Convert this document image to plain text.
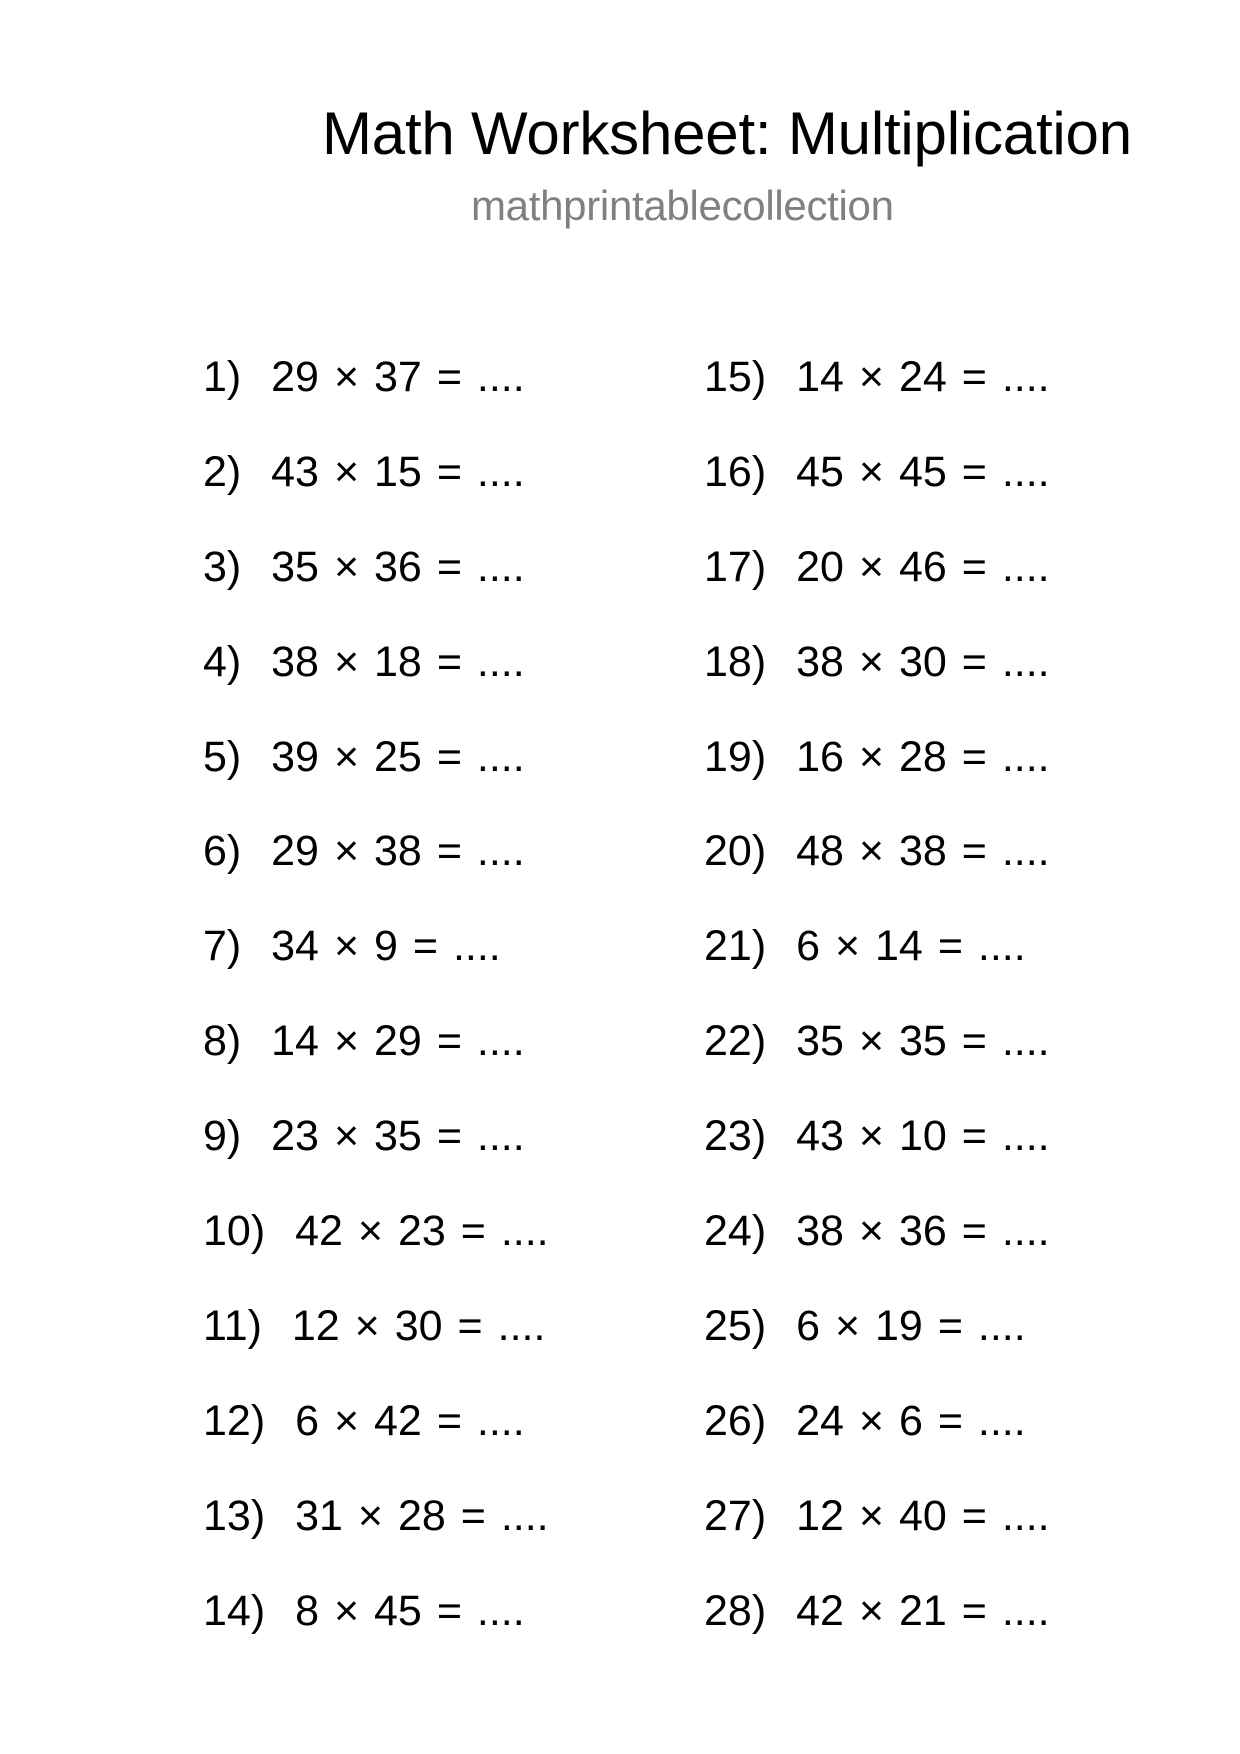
Math Worksheet: Multiplication
mathprintablecollection
1) 29 × 37 = ....
2) 43 × 15 = ....
3) 35 × 36 = ....
4) 38 × 18 = ....
5) 39 × 25 = ....
6) 29 × 38 = ....
7) 34 × 9 = ....
8) 14 × 29 = ....
9) 23 × 35 = ....
10) 42 × 23 = ....
11) 12 × 30 = ....
12) 6 × 42 = ....
13) 31 × 28 = ....
14) 8 × 45 = ....
15) 14 × 24 = ....
16) 45 × 45 = ....
17) 20 × 46 = ....
18) 38 × 30 = ....
19) 16 × 28 = ....
20) 48 × 38 = ....
21) 6 × 14 = ....
22) 35 × 35 = ....
23) 43 × 10 = ....
24) 38 × 36 = ....
25) 6 × 19 = ....
26) 24 × 6 = ....
27) 12 × 40 = ....
28) 42 × 21 = ....
